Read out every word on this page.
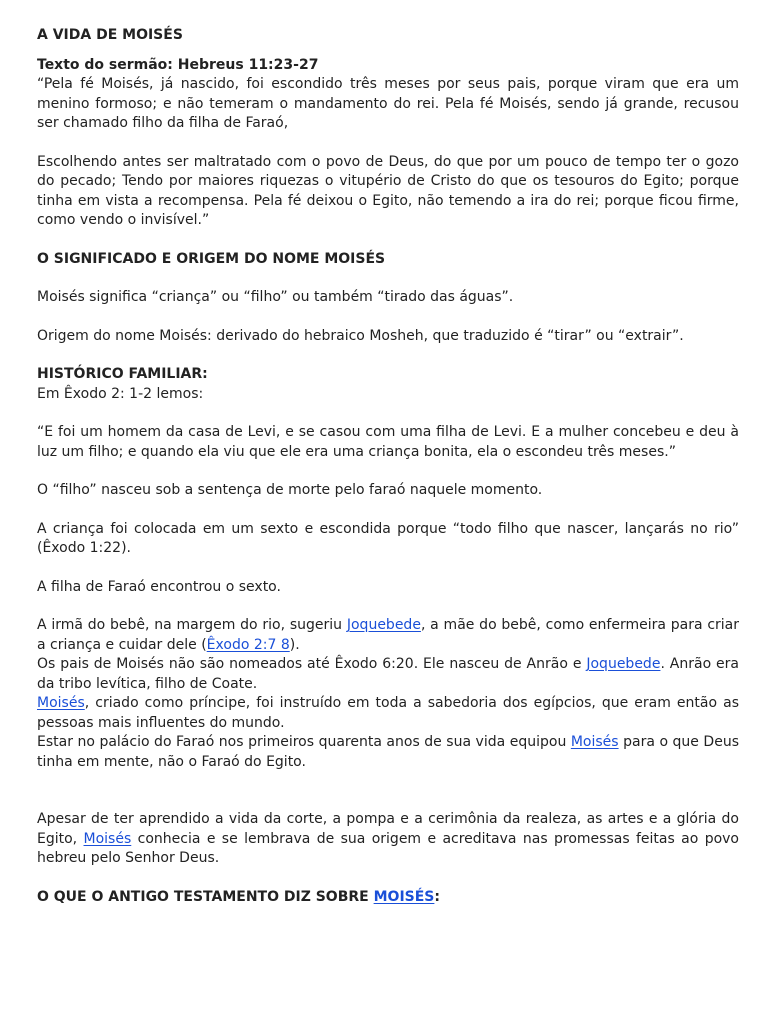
A VIDA DE MOISÉS

Texto do sermão: Hebreus 11:23-27

“Pela fé Moisés, já nascido, foi escondido três meses por seus pais, porque viram que era um menino formoso; e não temeram o mandamento do rei. Pela fé Moisés, sendo já grande, recusou ser chamado filho da filha de Faraó,

Escolhendo antes ser maltratado com o povo de Deus, do que por um pouco de tempo ter o gozo do pecado; Tendo por maiores riquezas o vitupério de Cristo do que os tesouros do Egito; porque tinha em vista a recompensa. Pela fé deixou o Egito, não temendo a ira do rei; porque ficou firme, como vendo o invisível.”

O SIGNIFICADO E ORIGEM DO NOME MOISÉS

Moisés significa “criança” ou “filho” ou também “tirado das águas”.

Origem do nome Moisés: derivado do hebraico Mosheh, que traduzido é “tirar” ou “extrair”.

HISTÓRICO FAMILIAR:

Em Êxodo 2: 1-2 lemos:

“E foi um homem da casa de Levi, e se casou com uma filha de Levi. E a mulher concebeu e deu à luz um filho; e quando ela viu que ele era uma criança bonita, ela o escondeu três meses.”

O “filho” nasceu sob a sentença de morte pelo faraó naquele momento.

A criança foi colocada em um sexto e escondida porque “todo filho que nascer, lançarás no rio” (Êxodo 1:22).

A filha de Faraó encontrou o sexto.

A irmã do bebê, na margem do rio, sugeriu Joquebede, a mãe do bebê, como enfermeira para criar a criança e cuidar dele (Êxodo 2:7 8).

Os pais de Moisés não são nomeados até Êxodo 6:20. Ele nasceu de Anrão e Joquebede. Anrão era da tribo levítica, filho de Coate.

Moisés, criado como príncipe, foi instruído em toda a sabedoria dos egípcios, que eram então as pessoas mais influentes do mundo.

Estar no palácio do Faraó nos primeiros quarenta anos de sua vida equipou Moisés para o que Deus tinha em mente, não o Faraó do Egito.

Apesar de ter aprendido a vida da corte, a pompa e a cerimônia da realeza, as artes e a glória do Egito, Moisés conhecia e se lembrava de sua origem e acreditava nas promessas feitas ao povo hebreu pelo Senhor Deus.

O QUE O ANTIGO TESTAMENTO DIZ SOBRE MOISÉS:
